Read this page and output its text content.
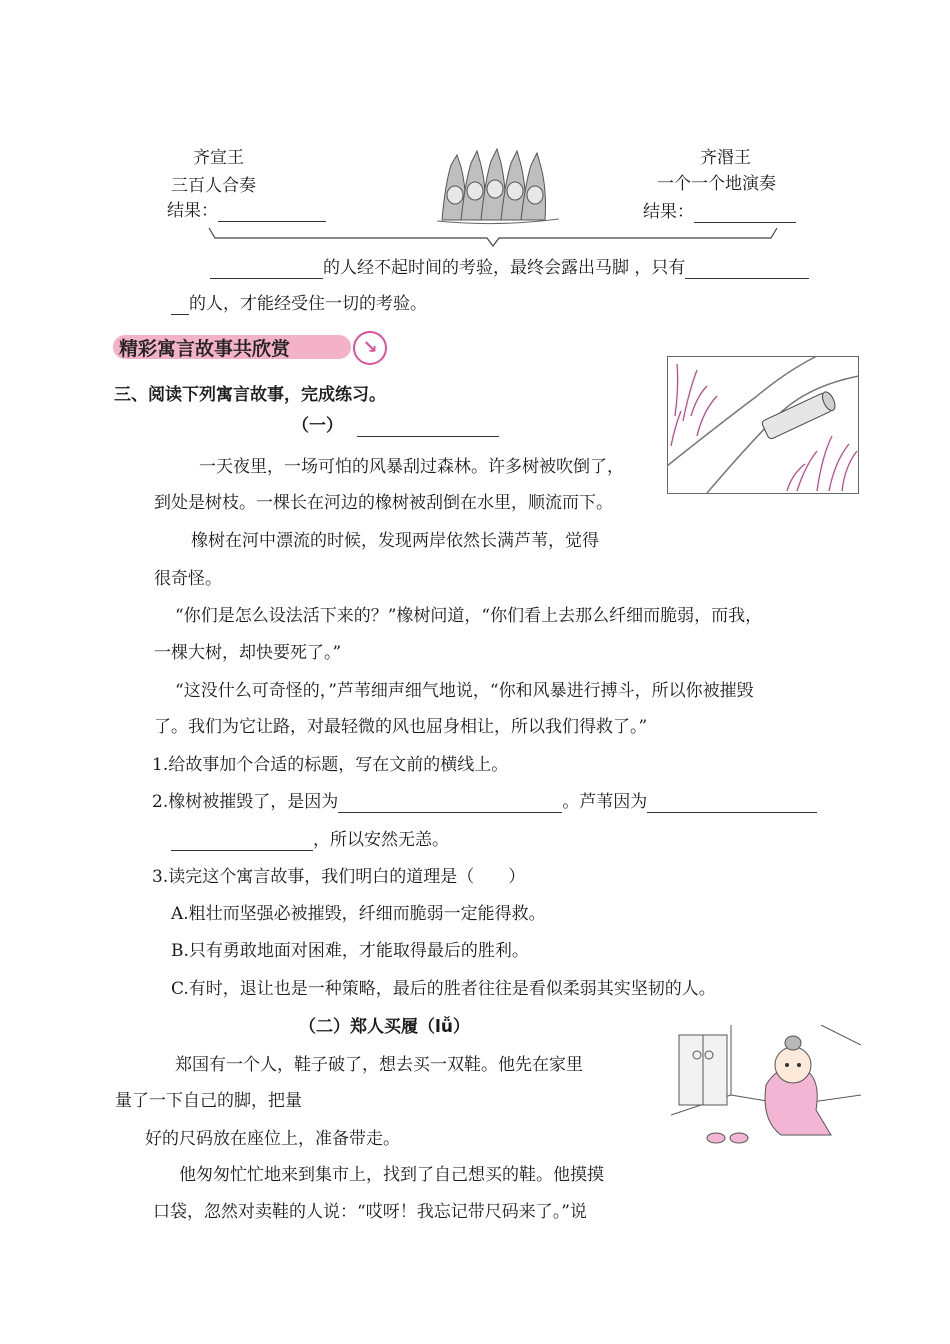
齐宣王
三百人合奏
结果：
齐湣王
一个一个地演奏
结果：
的人经不起时间的考验，最终会露出马脚 ，只有
的人，才能经受住一切的考验。
精彩寓言故事共欣赏	↘
三、阅读下列寓言故事，完成练习。
（一）
一天夜里，一场可怕的风暴刮过森林。许多树被吹倒了，
到处是树枝。一棵长在河边的橡树被刮倒在水里，顺流而下。
橡树在河中漂流的时候，发现两岸依然长满芦苇，觉得
很奇怪。
“你们是怎么设法活下来的？”橡树问道，“你们看上去那么纤细而脆弱，而我，
一棵大树，却快要死了。”
“这没什么可奇怪的，”芦苇细声细气地说，“你和风暴进行搏斗，所以你被摧毁
了。我们为它让路，对最轻微的风也屈身相让，所以我们得救了。”
1.给故事加个合适的标题，写在文前的横线上。
2.橡树被摧毁了，是因为	。芦苇因为
，所以安然无恙。
3.读完这个寓言故事，我们明白的道理是（　　）
A.粗壮而坚强必被摧毁，纤细而脆弱一定能得救。
B.只有勇敢地面对困难，才能取得最后的胜利。
C.有时，退让也是一种策略，最后的胜者往往是看似柔弱其实坚韧的人。
（二）郑人买履（lǚ）
郑国有一个人，鞋子破了，想去买一双鞋。他先在家里
量了一下自己的脚，把量
好的尺码放在座位上，准备带走。
他匆匆忙忙地来到集市上，找到了自己想买的鞋。他摸摸
口袋，忽然对卖鞋的人说：“哎呀！我忘记带尺码来了。”说
